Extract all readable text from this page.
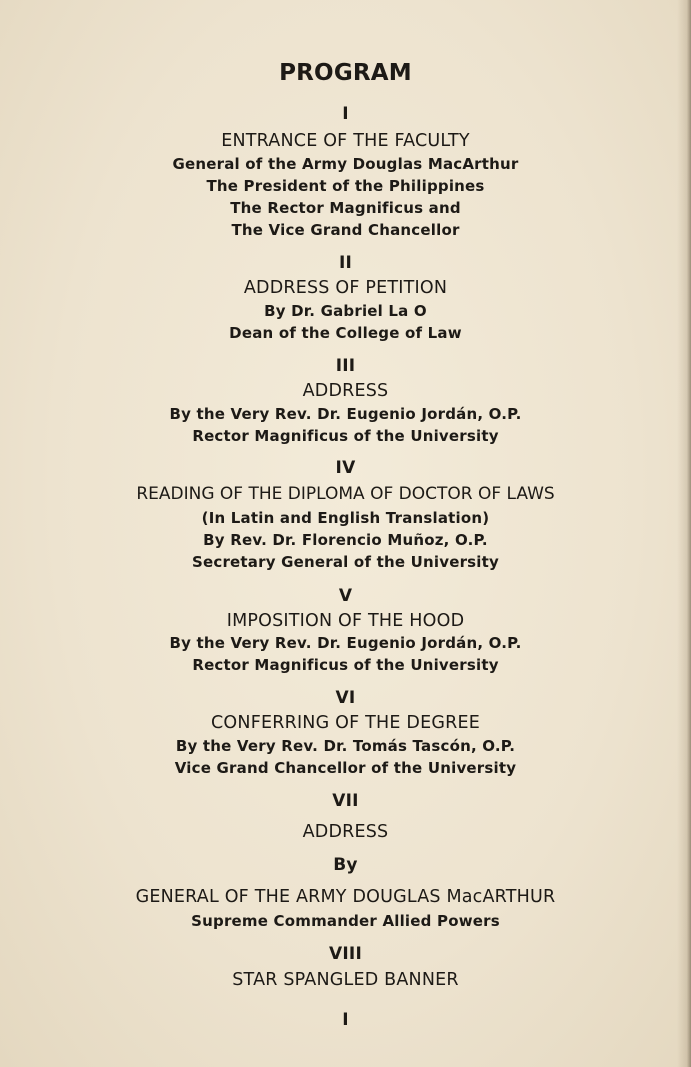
PROGRAM
I
ENTRANCE OF THE FACULTY
General of the Army Douglas MacArthur
The President of the Philippines
The Rector Magnificus and
The Vice Grand Chancellor
II
ADDRESS OF PETITION
By Dr. Gabriel La O
Dean of the College of Law
III
ADDRESS
By the Very Rev. Dr. Eugenio Jordán, O.P.
Rector Magnificus of the University
IV
READING OF THE DIPLOMA OF DOCTOR OF LAWS
(In Latin and English Translation)
By Rev. Dr. Florencio Muñoz, O.P.
Secretary General of the University
V
IMPOSITION OF THE HOOD
By the Very Rev. Dr. Eugenio Jordán, O.P.
Rector Magnificus of the University
VI
CONFERRING OF THE DEGREE
By the Very Rev. Dr. Tomás Tascón, O.P.
Vice Grand Chancellor of the University
VII
ADDRESS
By
GENERAL OF THE ARMY DOUGLAS MacARTHUR
Supreme Commander Allied Powers
VIII
STAR SPANGLED BANNER
I
